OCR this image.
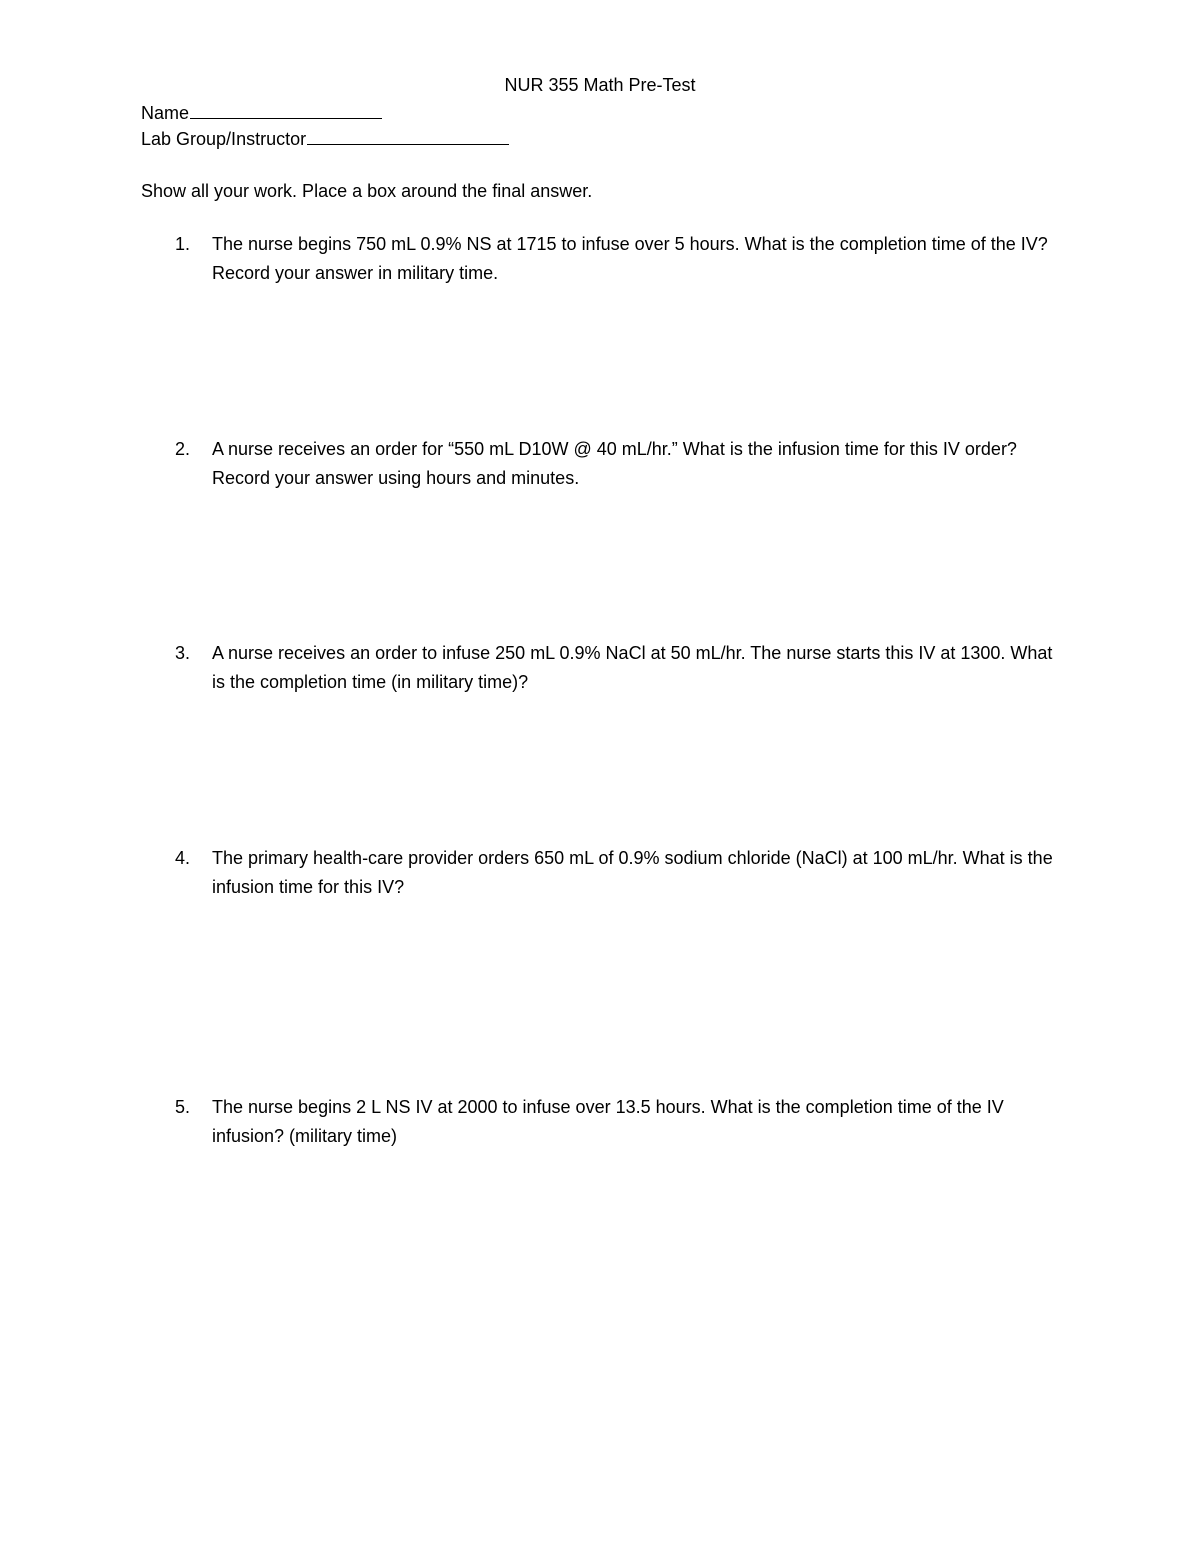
NUR 355 Math Pre-Test
Name
Lab Group/Instructor
Show all your work. Place a box around the final answer.
1.	The nurse begins 750 mL 0.9% NS at 1715 to infuse over 5 hours. What is the completion time of the IV? Record your answer in military time.
2.	A nurse receives an order for “550 mL D10W @ 40 mL/hr.” What is the infusion time for this IV order? Record your answer using hours and minutes.
3.	A nurse receives an order to infuse 250 mL 0.9% NaCl at 50 mL/hr. The nurse starts this IV at 1300. What is the completion time (in military time)?
4.	The primary health-care provider orders 650 mL of 0.9% sodium chloride (NaCl) at 100 mL/hr. What is the infusion time for this IV?
5.	The nurse begins 2 L NS IV at 2000 to infuse over 13.5 hours. What is the completion time of the IV infusion? (military time)
